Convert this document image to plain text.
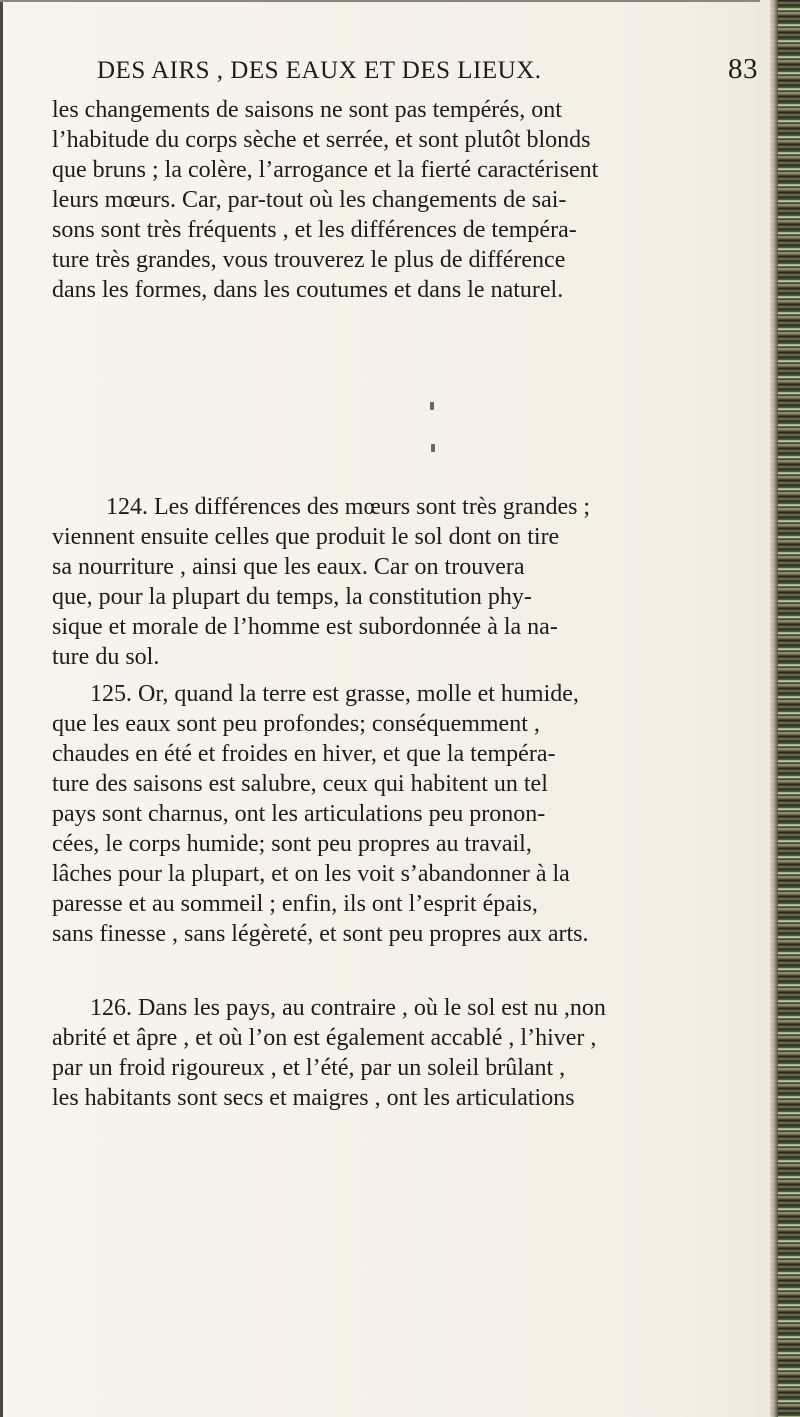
DES AIRS , DES EAUX ET DES LIEUX.	83
les changements de saisons ne sont pas tempérés, ont
l’habitude du corps sèche et serrée, et sont plutôt blonds
que bruns ; la colère, l’arrogance et la fierté caractérisent
leurs mœurs. Car, par-tout où les changements de sai-
sons sont très fréquents , et les différences de tempéra-
ture très grandes, vous trouverez le plus de différence
dans les formes, dans les coutumes et dans le naturel.
124. Les différences des mœurs sont très grandes ;
viennent ensuite celles que produit le sol dont on tire
sa nourriture , ainsi que les eaux. Car on trouvera
que, pour la plupart du temps, la constitution phy-
sique et morale de l’homme est subordonnée à la na-
ture du sol.
125. Or, quand la terre est grasse, molle et humide,
que les eaux sont peu profondes; conséquemment ,
chaudes en été et froides en hiver, et que la tempéra-
ture des saisons est salubre, ceux qui habitent un tel
pays sont charnus, ont les articulations peu pronon-
cées, le corps humide; sont peu propres au travail,
lâches pour la plupart, et on les voit s’abandonner à la
paresse et au sommeil ; enfin, ils ont l’esprit épais,
sans finesse , sans légèreté, et sont peu propres aux arts.
126. Dans les pays, au contraire , où le sol est nu ,non
abrité et âpre , et où l’on est également accablé , l’hiver ,
par un froid rigoureux , et l’été, par un soleil brûlant ,
les habitants sont secs et maigres , ont les articulations
